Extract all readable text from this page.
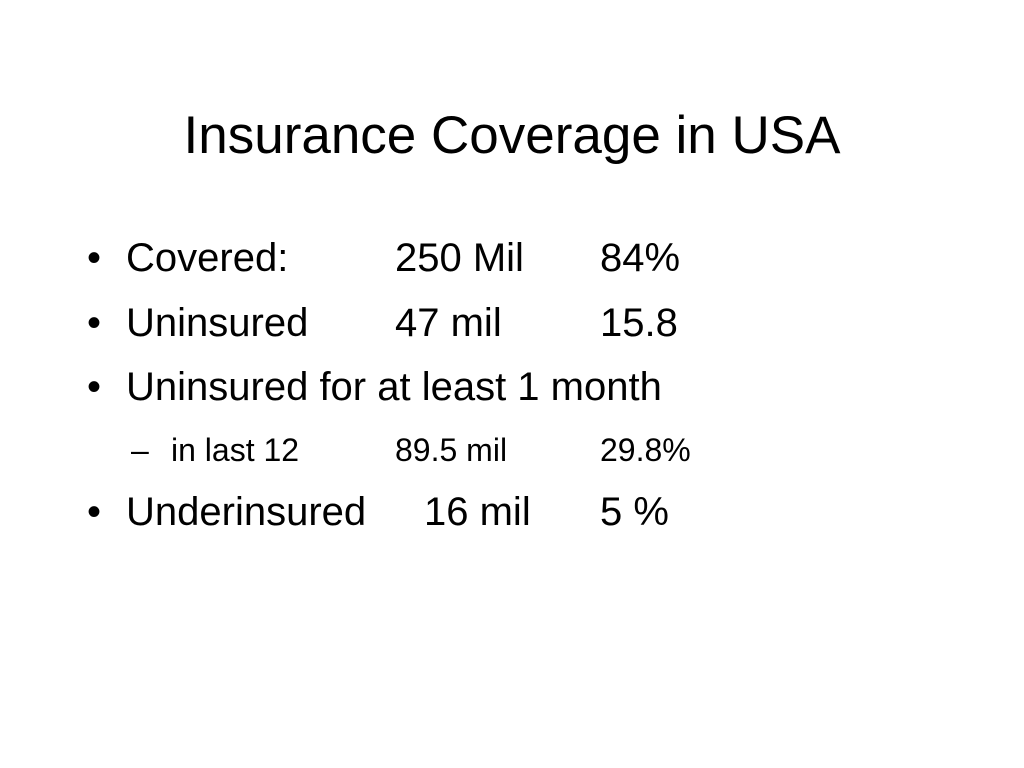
Insurance Coverage in USA
• Covered:	250 Mil 84%
• Uninsured 47 mil 15.8
• Uninsured for at least 1 month
– in last 12	89.5 mil	29.8%
• Underinsured 16 mil 5 %
